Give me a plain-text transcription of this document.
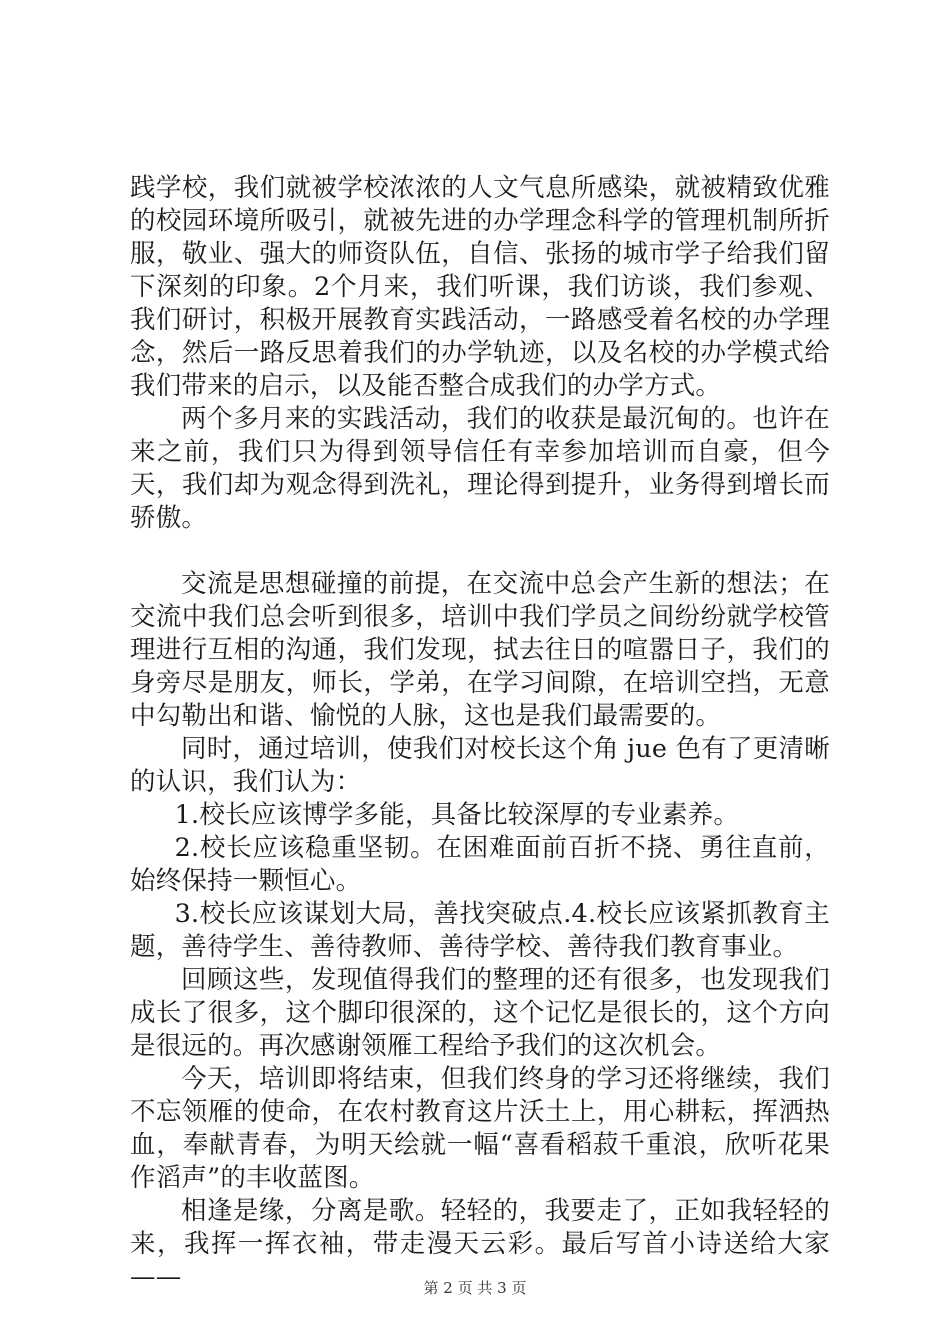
践学校，我们就被学校浓浓的人文气息所感染，就被精致优雅的校园环境所吸引，就被先进的办学理念科学的管理机制所折服，敬业、强大的师资队伍，自信、张扬的城市学子给我们留下深刻的印象。2个月来，我们听课，我们访谈，我们参观、我们研讨，积极开展教育实践活动，一路感受着名校的办学理念，然后一路反思着我们的办学轨迹，以及名校的办学模式给我们带来的启示，以及能否整合成我们的办学方式。

两个多月来的实践活动，我们的收获是最沉甸的。也许在来之前，我们只为得到领导信任有幸参加培训而自豪，但今天，我们却为观念得到洗礼，理论得到提升，业务得到增长而骄傲。

交流是思想碰撞的前提，在交流中总会产生新的想法；在交流中我们总会听到很多，培训中我们学员之间纷纷就学校管理进行互相的沟通，我们发现，拭去往日的喧嚣日子，我们的身旁尽是朋友，师长，学弟，在学习间隙，在培训空挡，无意中勾勒出和谐、愉悦的人脉，这也是我们最需要的。

同时，通过培训，使我们对校长这个角 jue 色有了更清晰的认识，我们认为：

1.校长应该博学多能，具备比较深厚的专业素养。

2.校长应该稳重坚韧。在困难面前百折不挠、勇往直前，始终保持一颗恒心。

3.校长应该谋划大局，善找突破点.4.校长应该紧抓教育主题，善待学生、善待教师、善待学校、善待我们教育事业。

回顾这些，发现值得我们的整理的还有很多，也发现我们成长了很多，这个脚印很深的，这个记忆是很长的，这个方向是很远的。再次感谢领雁工程给予我们的这次机会。

今天，培训即将结束，但我们终身的学习还将继续，我们不忘领雁的使命，在农村教育这片沃土上，用心耕耘，挥洒热血，奉献青春，为明天绘就一幅“喜看稻菽千重浪，欣听花果作滔声”的丰收蓝图。

相逢是缘，分离是歌。轻轻的，我要走了，正如我轻轻的来，我挥一挥衣袖，带走漫天云彩。最后写首小诗送给大家——	第 2 页 共 3 页
